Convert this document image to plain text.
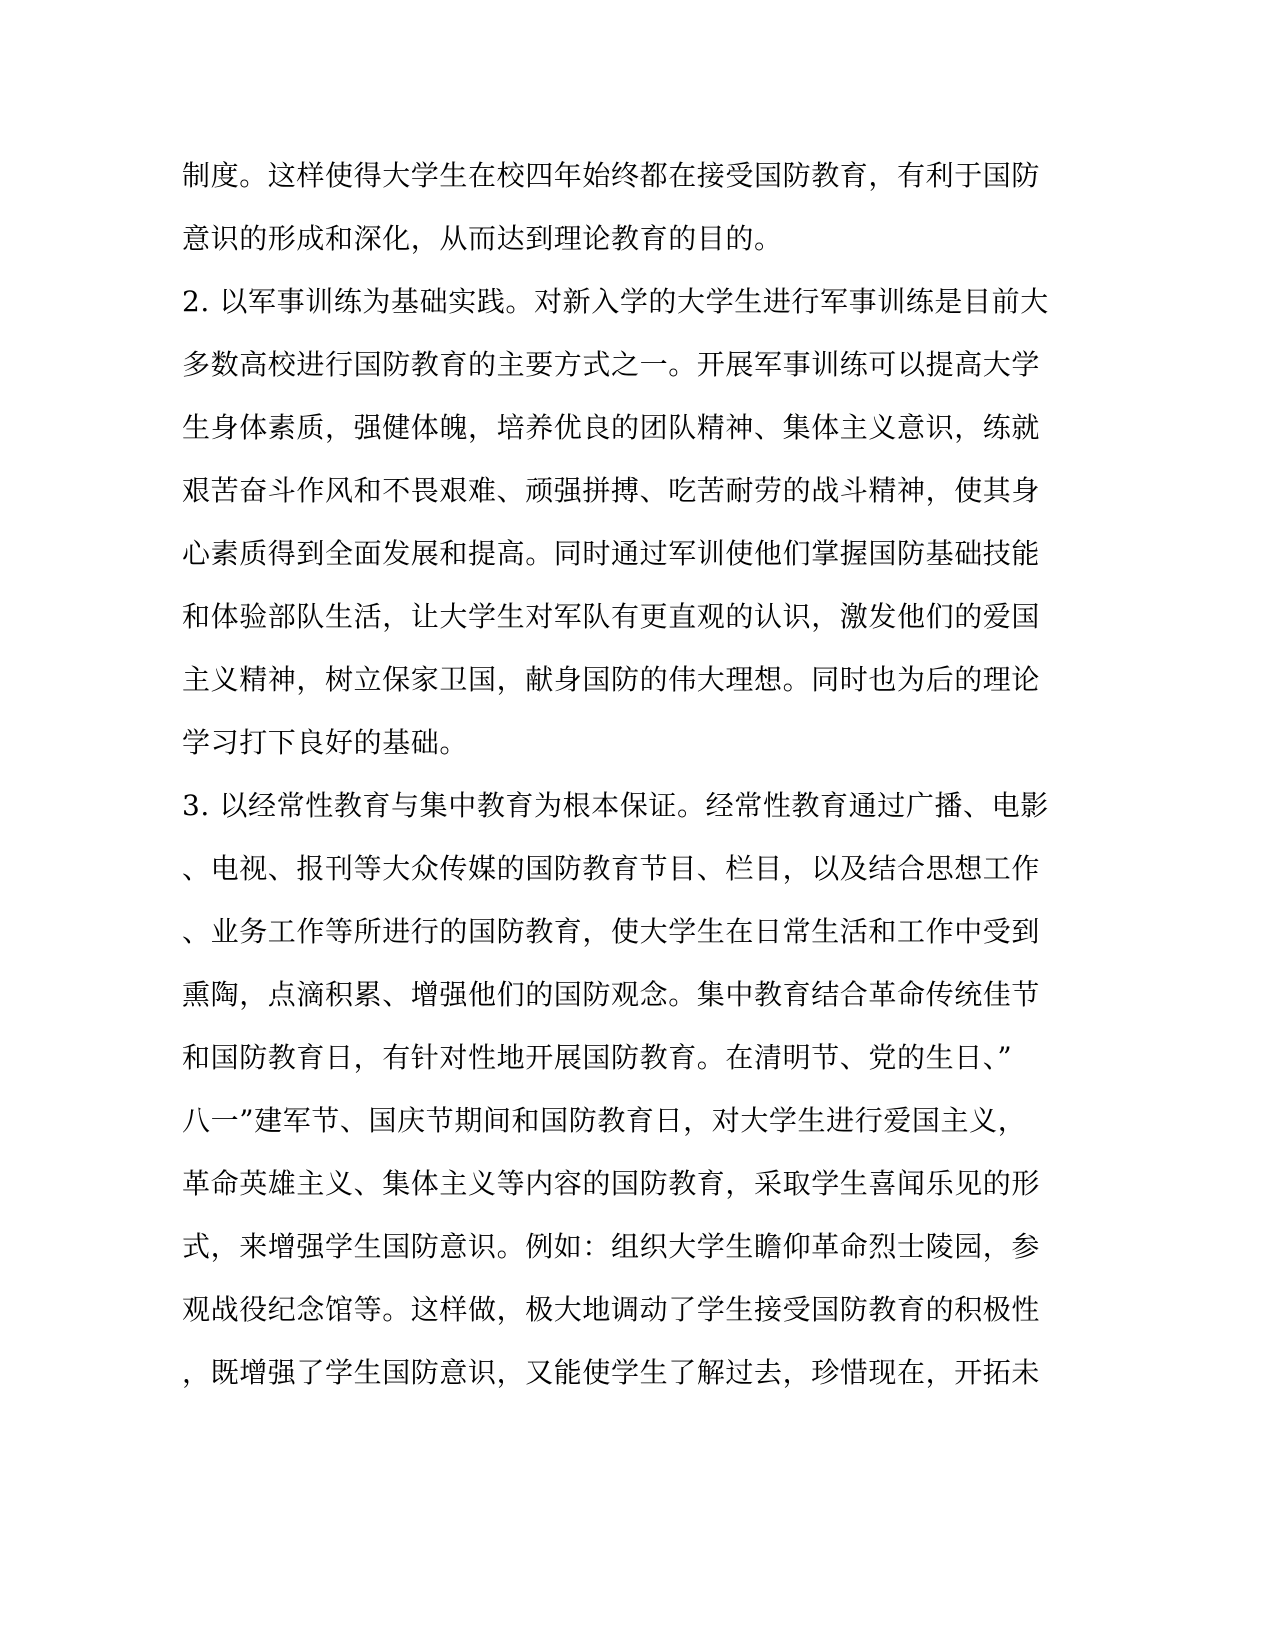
制度。这样使得大学生在校四年始终都在接受国防教育，有利于国防
意识的形成和深化，从而达到理论教育的目的。
2. 以军事训练为基础实践。对新入学的大学生进行军事训练是目前大
多数高校进行国防教育的主要方式之一。开展军事训练可以提高大学
生身体素质，强健体魄，培养优良的团队精神、集体主义意识，练就
艰苦奋斗作风和不畏艰难、顽强拼搏、吃苦耐劳的战斗精神，使其身
心素质得到全面发展和提高。同时通过军训使他们掌握国防基础技能
和体验部队生活，让大学生对军队有更直观的认识，激发他们的爱国
主义精神，树立保家卫国，献身国防的伟大理想。同时也为后的理论
学习打下良好的基础。
3. 以经常性教育与集中教育为根本保证。经常性教育通过广播、电影
、电视、报刊等大众传媒的国防教育节目、栏目，以及结合思想工作
、业务工作等所进行的国防教育，使大学生在日常生活和工作中受到
熏陶，点滴积累、增强他们的国防观念。集中教育结合革命传统佳节
和国防教育日，有针对性地开展国防教育。在清明节、党的生日、”
八一”建军节、国庆节期间和国防教育日，对大学生进行爱国主义，
革命英雄主义、集体主义等内容的国防教育，采取学生喜闻乐见的形
式，来增强学生国防意识。例如：组织大学生瞻仰革命烈士陵园，参
观战役纪念馆等。这样做，极大地调动了学生接受国防教育的积极性
，既增强了学生国防意识，又能使学生了解过去，珍惜现在，开拓未
